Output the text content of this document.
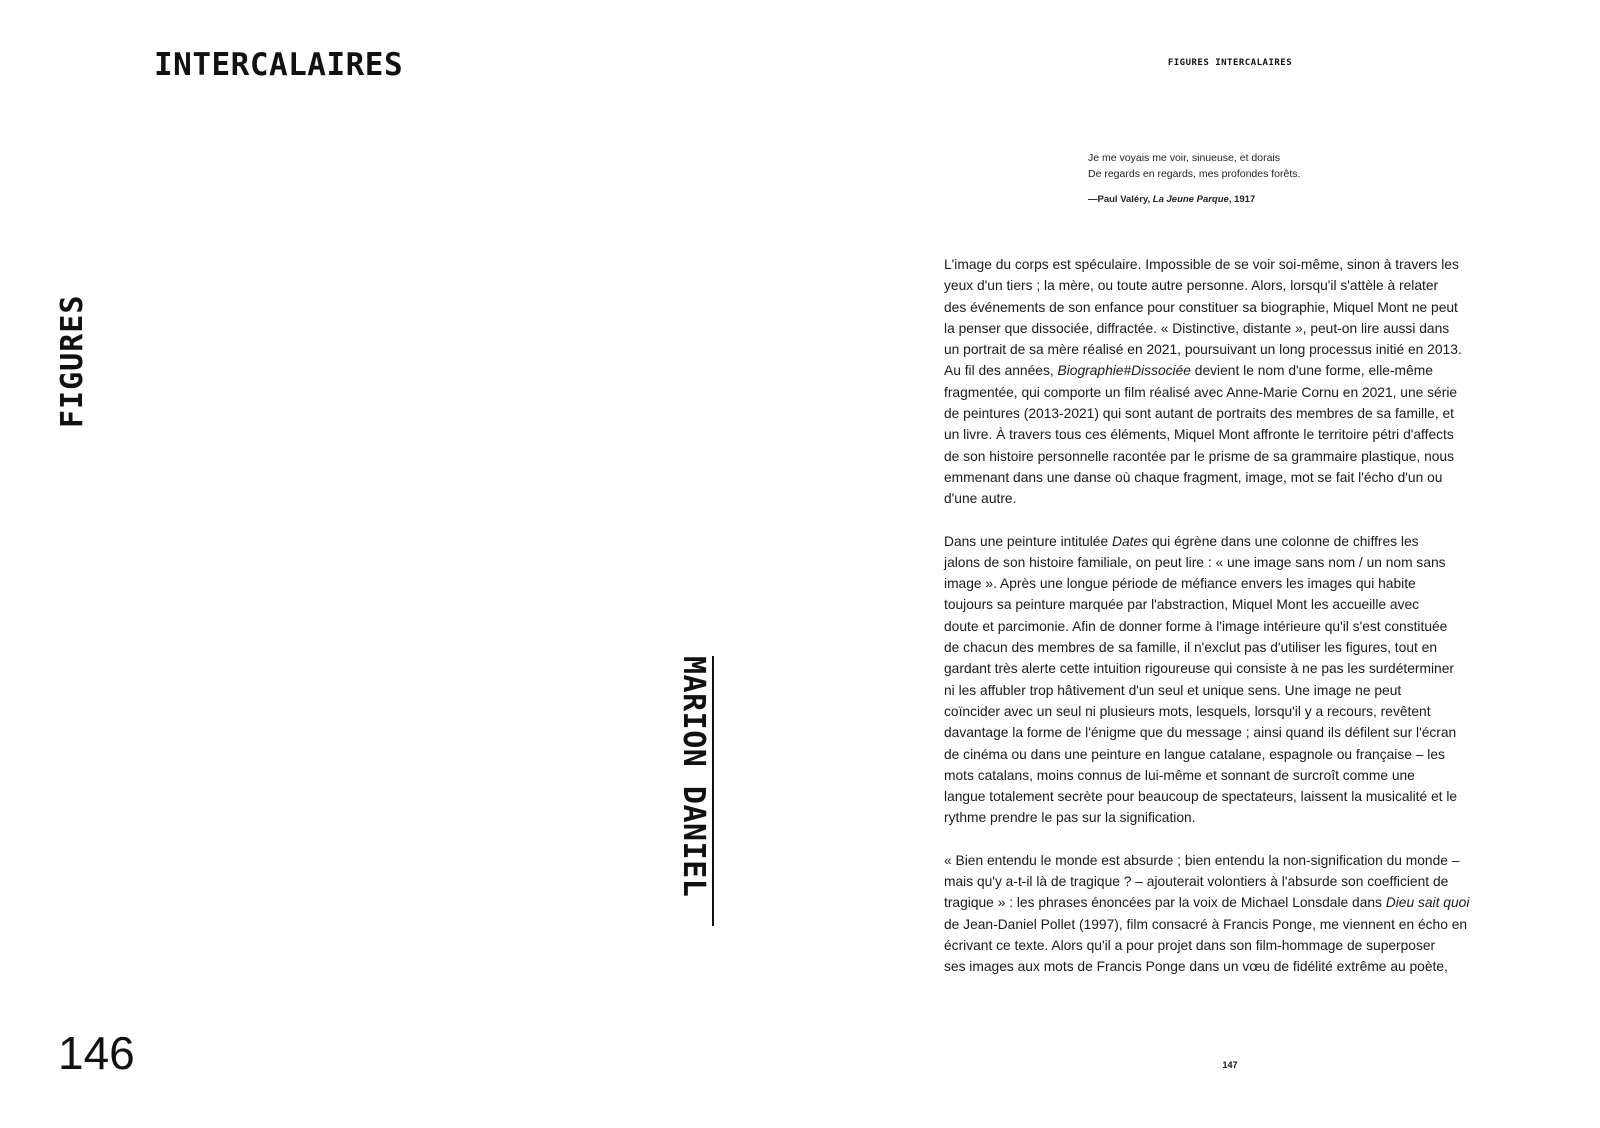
INTERCALAIRES
FIGURES
MARION DANIEL
146
FIGURES INTERCALAIRES
Je me voyais me voir, sinueuse, et dorais
De regards en regards, mes profondes forêts.
—Paul Valéry, La Jeune Parque, 1917

L'image du corps est spéculaire. Impossible de se voir soi-même, sinon à travers les
yeux d'un tiers ; la mère, ou toute autre personne. Alors, lorsqu'il s'attèle à relater
des événements de son enfance pour constituer sa biographie, Miquel Mont ne peut
la penser que dissociée, diffractée. « Distinctive, distante », peut-on lire aussi dans
un portrait de sa mère réalisé en 2021, poursuivant un long processus initié en 2013.
Au fil des années, Biographie#Dissociée devient le nom d'une forme, elle-même
fragmentée, qui comporte un film réalisé avec Anne-Marie Cornu en 2021, une série
de peintures (2013-2021) qui sont autant de portraits des membres de sa famille, et
un livre. À travers tous ces éléments, Miquel Mont affronte le territoire pétri d'affects
de son histoire personnelle racontée par le prisme de sa grammaire plastique, nous
emmenant dans une danse où chaque fragment, image, mot se fait l'écho d'un ou
d'une autre.

Dans une peinture intitulée Dates qui égrène dans une colonne de chiffres les
jalons de son histoire familiale, on peut lire : « une image sans nom / un nom sans
image ». Après une longue période de méfiance envers les images qui habite
toujours sa peinture marquée par l'abstraction, Miquel Mont les accueille avec
doute et parcimonie. Afin de donner forme à l'image intérieure qu'il s'est constituée
de chacun des membres de sa famille, il n'exclut pas d'utiliser les figures, tout en
gardant très alerte cette intuition rigoureuse qui consiste à ne pas les surdéterminer
ni les affubler trop hâtivement d'un seul et unique sens. Une image ne peut
coïncider avec un seul ni plusieurs mots, lesquels, lorsqu'il y a recours, revêtent
davantage la forme de l'énigme que du message ; ainsi quand ils défilent sur l'écran
de cinéma ou dans une peinture en langue catalane, espagnole ou française – les
mots catalans, moins connus de lui-même et sonnant de surcroît comme une
langue totalement secrète pour beaucoup de spectateurs, laissent la musicalité et le
rythme prendre le pas sur la signification.

« Bien entendu le monde est absurde ; bien entendu la non-signification du monde –
mais qu'y a-t-il là de tragique ? – ajouterait volontiers à l'absurde son coefficient de
tragique » : les phrases énoncées par la voix de Michael Lonsdale dans Dieu sait quoi
de Jean-Daniel Pollet (1997), film consacré à Francis Ponge, me viennent en écho en
écrivant ce texte. Alors qu'il a pour projet dans son film-hommage de superposer
ses images aux mots de Francis Ponge dans un vœu de fidélité extrême au poète,

147
